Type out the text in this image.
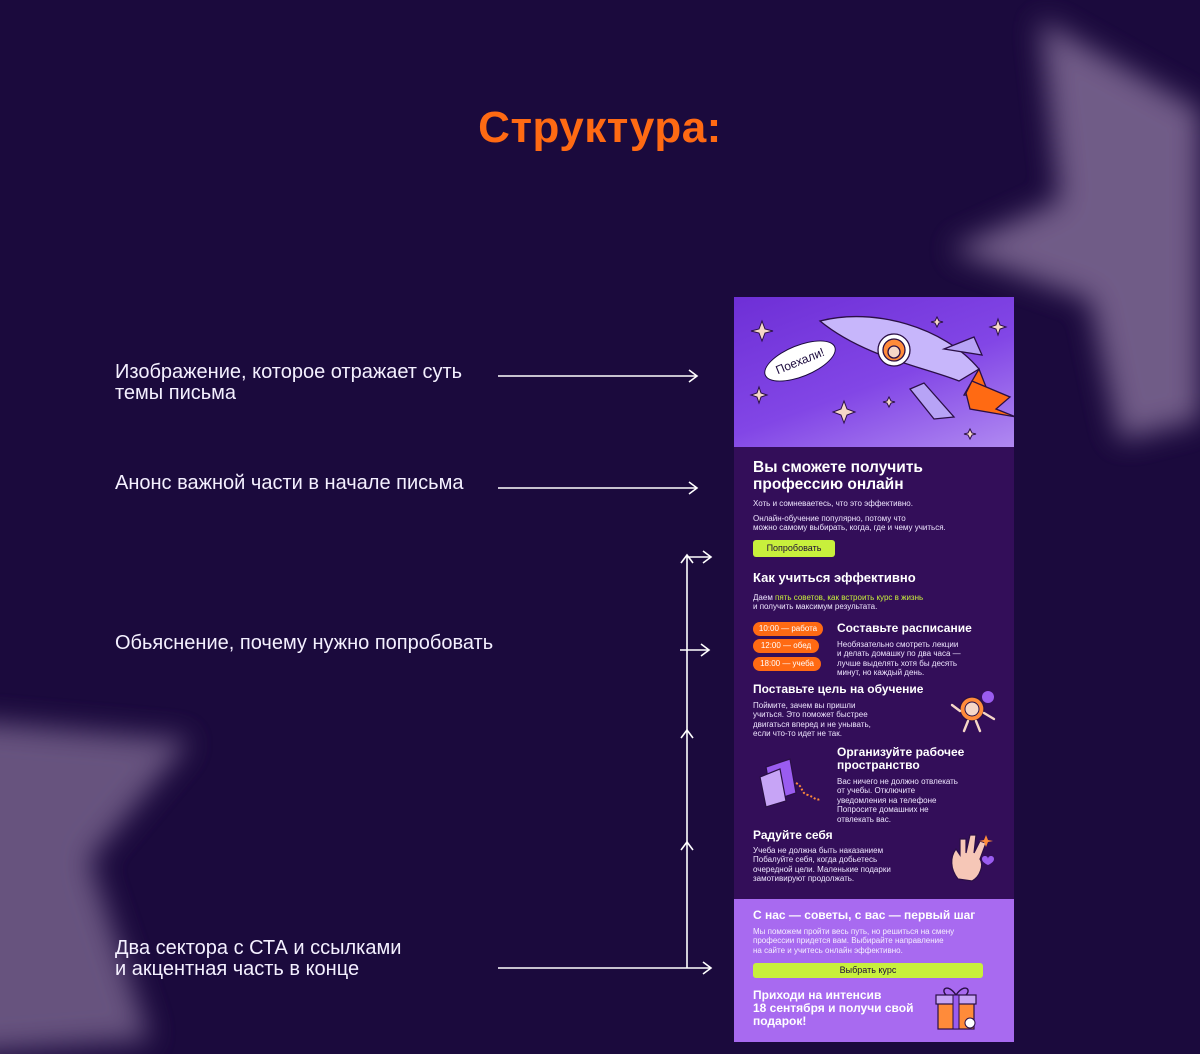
Структура:
Изображение, которое отражает суть
темы письма
Анонс важной части в начале письма
Обьяснение, почему нужно попробовать
Два сектора с СТА и ссылками
и акцентная часть в конце
Поехали!
Вы сможете получить
профессию онлайн
Хоть и сомневаетесь, что это эффективно.
Онлайн-обучение популярно, потому что
можно самому выбирать, когда, где и чему учиться.
Попробовать
Как учиться эффективно
Даем пять советов, как встроить курс в жизнь
и получить максимум результата.
10:00 — работа
12:00 — обед
18:00 — учеба
Составьте расписание
Необязательно смотреть лекции
и делать домашку по два часа —
лучше выделять хотя бы десять
минут, но каждый день.
Поставьте цель на обучение
Поймите, зачем вы пришли
учиться. Это поможет быстрее
двигаться вперед и не унывать,
если что-то идет не так.
Организуйте рабочее
пространство
Вас ничего не должно отвлекать
от учебы. Отключите
уведомления на телефоне
Попросите домашних не
отвлекать вас.
Радуйте себя
Учеба не должна быть наказанием
Побалуйте себя, когда добьетесь
очередной цели. Маленькие подарки
замотивируют продолжать.
С нас — советы, с вас — первый шаг
Мы поможем пройти весь путь, но решиться на смену
профессии придется вам. Выбирайте направление
на сайте и учитесь онлайн эффективно.
Выбрать курс
Приходи на интенсив
18 сентября и получи свой
подарок!
